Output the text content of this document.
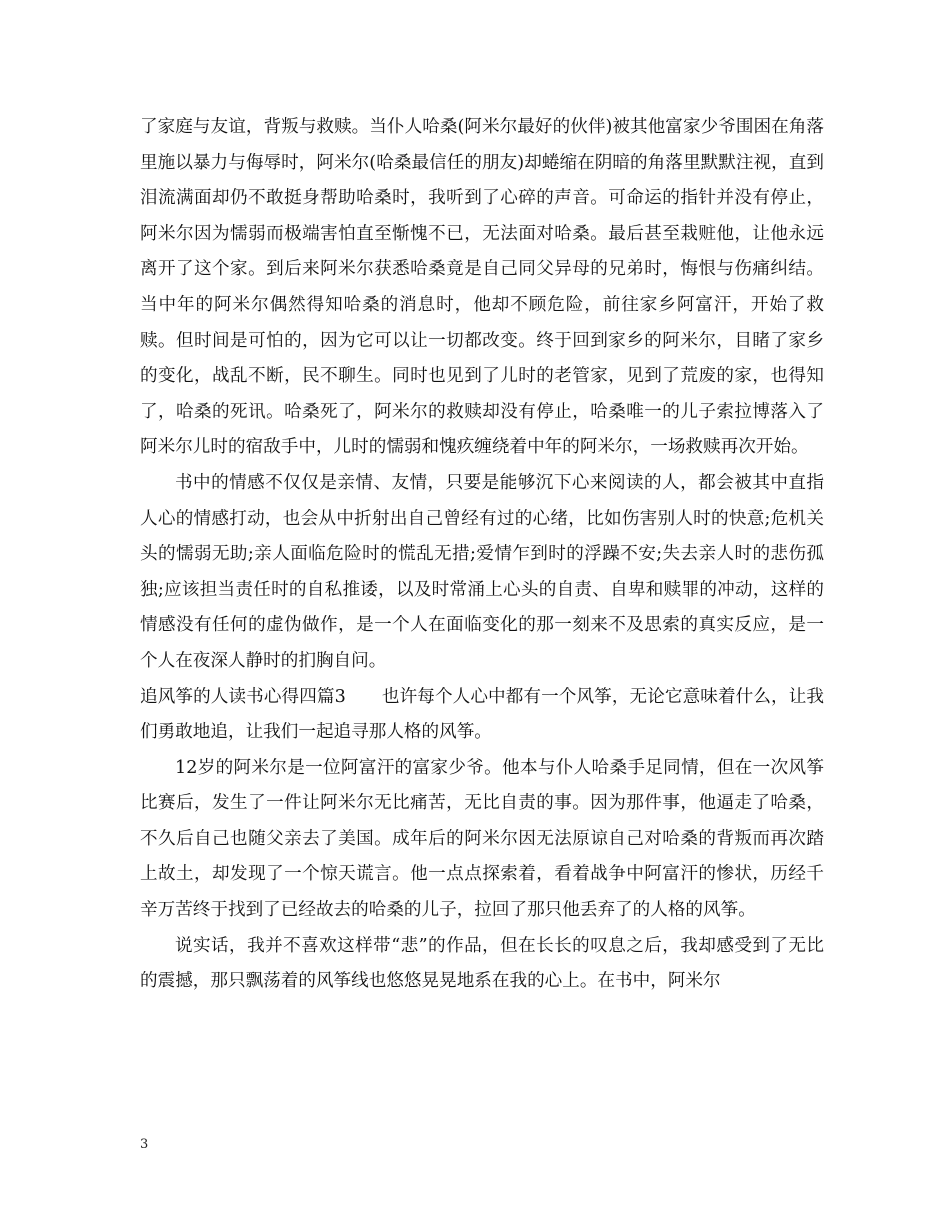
了家庭与友谊，背叛与救赎。当仆人哈桑(阿米尔最好的伙伴)被其他富家少爷围困在角落里施以暴力与侮辱时，阿米尔(哈桑最信任的朋友)却蜷缩在阴暗的角落里默默注视，直到泪流满面却仍不敢挺身帮助哈桑时，我听到了心碎的声音。可命运的指针并没有停止，阿米尔因为懦弱而极端害怕直至惭愧不已，无法面对哈桑。最后甚至栽赃他，让他永远离开了这个家。到后来阿米尔获悉哈桑竟是自己同父异母的兄弟时，悔恨与伤痛纠结。当中年的阿米尔偶然得知哈桑的消息时，他却不顾危险，前往家乡阿富汗，开始了救赎。但时间是可怕的，因为它可以让一切都改变。终于回到家乡的阿米尔，目睹了家乡的变化，战乱不断，民不聊生。同时也见到了儿时的老管家，见到了荒废的家，也得知了，哈桑的死讯。哈桑死了，阿米尔的救赎却没有停止，哈桑唯一的儿子索拉博落入了阿米尔儿时的宿敌手中，儿时的懦弱和愧疚缠绕着中年的阿米尔，一场救赎再次开始。

书中的情感不仅仅是亲情、友情，只要是能够沉下心来阅读的人，都会被其中直指人心的情感打动，也会从中折射出自己曾经有过的心绪，比如伤害别人时的快意;危机关头的懦弱无助;亲人面临危险时的慌乱无措;爱情乍到时的浮躁不安;失去亲人时的悲伤孤独;应该担当责任时的自私推诿，以及时常涌上心头的自责、自卑和赎罪的冲动，这样的情感没有任何的虚伪做作，是一个人在面临变化的那一刻来不及思索的真实反应，是一个人在夜深人静时的扪胸自问。

追风筝的人读书心得四篇3 也许每个人心中都有一个风筝，无论它意味着什么，让我们勇敢地追，让我们一起追寻那人格的风筝。

12岁的阿米尔是一位阿富汗的富家少爷。他本与仆人哈桑手足同情，但在一次风筝比赛后，发生了一件让阿米尔无比痛苦，无比自责的事。因为那件事，他逼走了哈桑，不久后自己也随父亲去了美国。成年后的阿米尔因无法原谅自己对哈桑的背叛而再次踏上故土，却发现了一个惊天谎言。他一点点探索着，看着战争中阿富汗的惨状，历经千辛万苦终于找到了已经故去的哈桑的儿子，拉回了那只他丢弃了的人格的风筝。

说实话，我并不喜欢这样带“悲”的作品，但在长长的叹息之后，我却感受到了无比的震撼，那只飘荡着的风筝线也悠悠晃晃地系在我的心上。在书中，阿米尔

3
